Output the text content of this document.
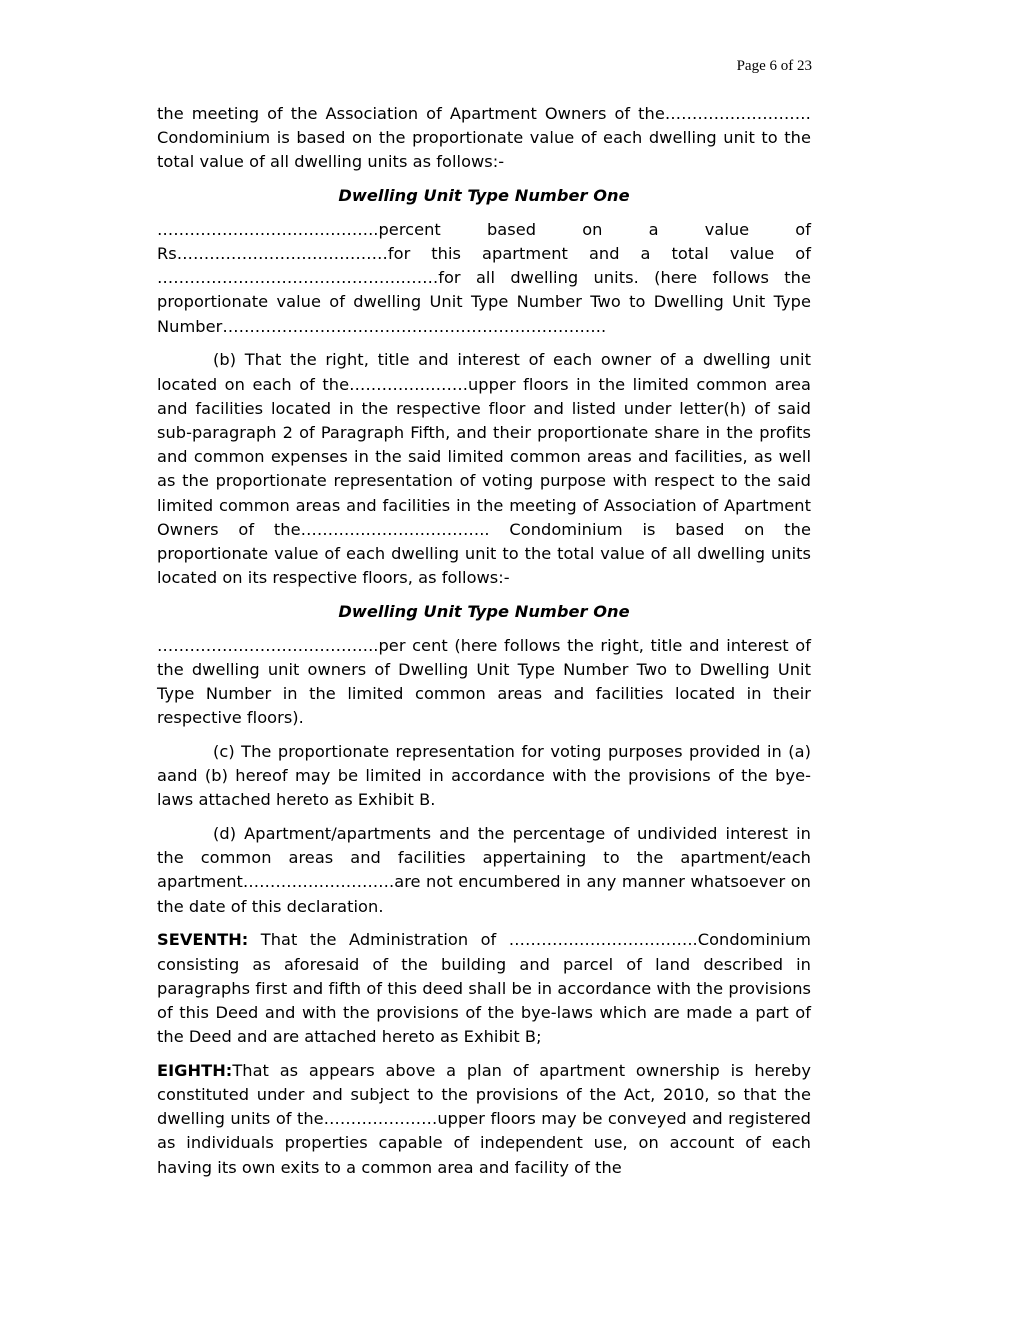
Page 6 of 23

the meeting of the Association of Apartment Owners of the………………………Condominium is based on the proportionate value of each dwelling unit to the total value of all dwelling units as follows:-

Dwelling Unit Type Number One

…………………………………..percent based on a value of Rs…………………………………for this apartment and a total value of …………………………………………….for all dwelling units. (here follows the proportionate value of dwelling Unit Type Number Two to Dwelling Unit Type Number……………………………………………………………..

(b) That the right, title and interest of each owner of a dwelling unit located on each of the………………….upper floors in the limited common area and facilities located in the respective floor and listed under letter(h) of said sub-paragraph 2 of Paragraph Fifth, and their proportionate share in the profits and common expenses in the said limited common areas and facilities, as well as the proportionate representation of voting purpose with respect to the said limited common areas and facilities in the meeting of Association of Apartment Owners of the…………………………….. Condominium is based on the proportionate value of each dwelling unit to the total value of all dwelling units located on its respective floors, as follows:-

Dwelling Unit Type Number One

…………………………………..per cent (here follows the right, title and interest of the dwelling unit owners of Dwelling Unit Type Number Two to Dwelling Unit Type Number in the limited common areas and facilities located in their respective floors).

(c) The proportionate representation for voting purposes provided in (a) aand (b) hereof may be limited in accordance with the provisions of the bye-laws attached hereto as Exhibit B.

(d) Apartment/apartments and the percentage of undivided interest in the common areas and facilities appertaining to the apartment/each apartment……………………….are not encumbered in any manner whatsoever on the date of this declaration.

SEVENTH: That the Administration of ……………………………..Condominium consisting as aforesaid of the building and parcel of land described in paragraphs first and fifth of this deed shall be in accordance with the provisions of this Deed and with the provisions of the bye-laws which are made a part of the Deed and are attached hereto as Exhibit B;

EIGHTH:That as appears above a plan of apartment ownership is hereby constituted under and subject to the provisions of the Act, 2010, so that the dwelling units of the…………………upper floors may be conveyed and registered as individuals properties capable of independent use, on account of each having its own exits to a common area and facility of the
